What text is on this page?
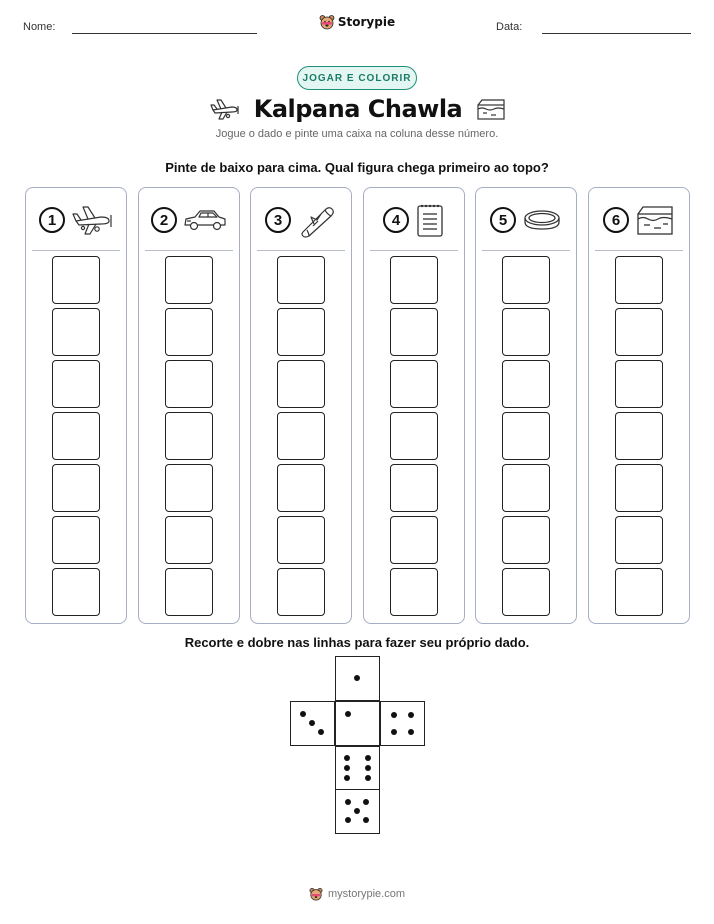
Nome:	Storypie	Data:
JOGAR E COLORIR
Kalpana Chawla
Jogue o dado e pinte uma caixa na coluna desse número.
Pinte de baixo para cima. Qual figura chega primeiro ao topo?
1	2	3	4	5	6
Recorte e dobre nas linhas para fazer seu próprio dado.
mystorypie.com
